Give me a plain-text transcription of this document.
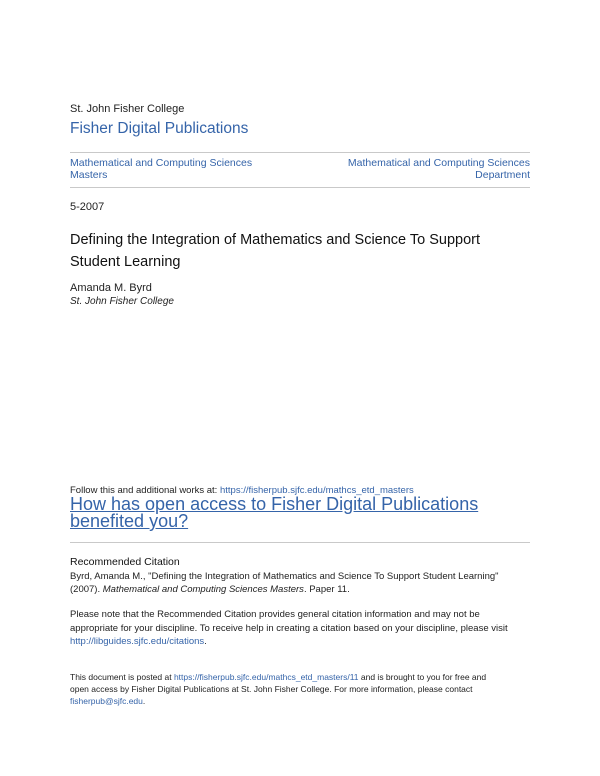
St. John Fisher College
Fisher Digital Publications
Mathematical and Computing Sciences
Masters
Mathematical and Computing Sciences
Department
5-2007
Defining the Integration of Mathematics and Science To Support
Student Learning
Amanda M. Byrd
St. John Fisher College
Follow this and additional works at: https://fisherpub.sjfc.edu/mathcs_etd_masters
How has open access to Fisher Digital Publications
benefited you?
Recommended Citation
Byrd, Amanda M., "Defining the Integration of Mathematics and Science To Support Student Learning"
(2007). Mathematical and Computing Sciences Masters. Paper 11.
Please note that the Recommended Citation provides general citation information and may not be
appropriate for your discipline. To receive help in creating a citation based on your discipline, please visit
http://libguides.sjfc.edu/citations.
This document is posted at https://fisherpub.sjfc.edu/mathcs_etd_masters/11 and is brought to you for free and
open access by Fisher Digital Publications at St. John Fisher College. For more information, please contact
fisherpub@sjfc.edu.
